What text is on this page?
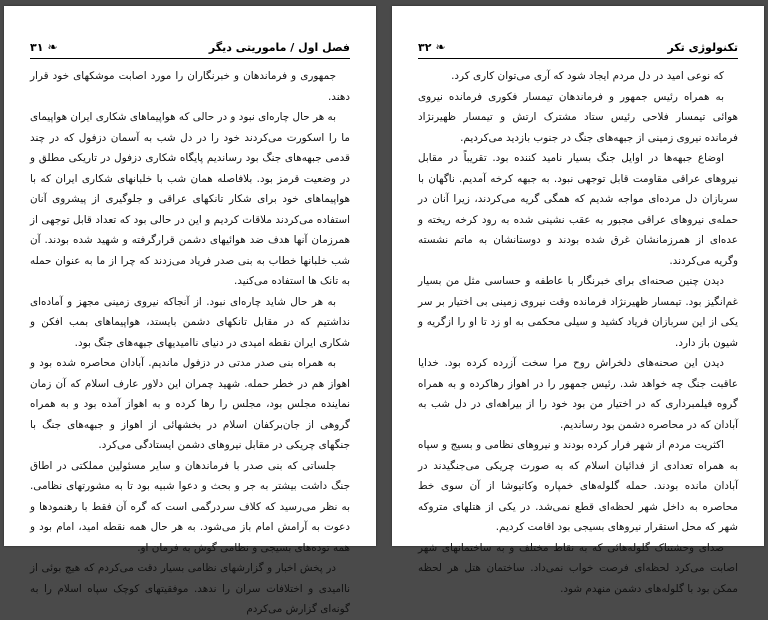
فصل اول / ماموریتی دیگر
❧
۳۱

جمهوری و فرماندهان و خبرنگاران را مورد اصابت موشکهای خود قرار دهند.

به هر حال چاره‌ای نبود و در حالی که هواپیماهای شکاری ایران هواپیمای ما را اسکورت می‌کردند خود را در دل شب به آسمان دزفول که در چند قدمی جبهه‌های جنگ بود رساندیم پایگاه شکاری دزفول در تاریکی مطلق و در وضعیت قرمز بود. بلافاصله همان شب با خلبانهای شکاری ایران که با هواپیماهای خود برای شکار تانکهای عراقی و جلوگیری از پیشروی آنان استفاده می‌کردند ملاقات کردیم و این در حالی بود که تعداد قابل توجهی از همرزمان آنها هدف ضد هوائیهای دشمن قرارگرفته و شهید شده بودند. آن شب خلبانها خطاب به بنی صدر فریاد می‌زدند که چرا از ما به عنوان حمله به تانک ها استفاده می‌کنید.

به هر حال شاید چاره‌ای نبود. از آنجاکه نیروی زمینی مجهز و آماده‌ای نداشتیم که در مقابل تانکهای دشمن بایستد، هواپیماهای بمب افکن و شکاری ایران نقطه امیدی در دنیای ناامیدیهای جبهه‌های جنگ بود.

به همراه بنی صدر مدتی در دزفول ماندیم. آبادان محاصره شده بود و اهواز هم در خطر حمله. شهید چمران این دلاور عارف اسلام که آن زمان نماینده مجلس بود، مجلس را رها کرده و به اهواز آمده بود و به همراه گروهی از جان‌برکفان اسلام در بخشهائی از اهواز و جبهه‌های جنگ با جنگهای چریکی در مقابل نیروهای دشمن ایستادگی می‌کرد.

جلساتی که بنی صدر با فرماندهان و سایر مسئولین مملکتی در اطاق جنگ داشت بیشتر به جر و بحث و دعوا شبیه بود تا به مشورتهای نظامی. به نظر می‌رسید که کلاف سردرگمی است که گره آن فقط با رهنمودها و دعوت به آرامش امام باز می‌شود. به هر حال همه نقطه امید، امام بود و همه توده‌های بسیجی و نظامی گوش به فرمان او.

در پخش اخبار و گزارشهای نظامی بسیار دقت می‌کردم که هیچ بوئی از ناامیدی و اختلافات سران را ندهد. موفقیتهای کوچک سپاه اسلام را به گونه‌ای گزارش می‌کردم

تکنولوژی تکر
❧
۳۲

که نوعی امید در دل مردم ایجاد شود که آری می‌توان کاری کرد.

به همراه رئیس جمهور و فرماندهان تیمسار فکوری فرمانده نیروی هوائی تیمسار فلاحی رئیس ستاد مشترک ارتش و تیمسار ظهیرنژاد فرمانده نیروی زمینی از جبهه‌های جنگ در جنوب بازدید می‌کردیم.

اوضاع جبهه‌ها در اوایل جنگ بسیار نامید کننده بود. تقریباً در مقابل نیروهای عراقی مقاومت قابل توجهی نبود. به جبهه کرخه آمدیم. ناگهان با سربازان دل مرده‌ای مواجه شدیم که همگی گریه می‌کردند، زیرا آنان در حمله‌ی نیروهای عراقی مجبور به عقب نشینی شده به رود کرخه ریخته و عده‌ای از همرزمانشان غرق شده بودند و دوستانشان به ماتم نشسته وگریه می‌کردند.

دیدن چنین صحنه‌ای برای خبرنگار با عاطفه و حساسی مثل من بسیار غم‌انگیز بود. تیمسار ظهیرنژاد فرمانده وقت نیروی زمینی بی اختیار بر سر یکی از این سربازان فریاد کشید و سیلی محکمی به او زد تا او را ازگریه و شیون باز دارد.

دیدن این صحنه‌های دلخراش روح مرا سخت آزرده کرده بود. خدایا عاقبت جنگ چه خواهد شد. رئیس جمهور را در اهواز رهاکرده و به همراه گروه فیلمبرداری که در اختیار من بود خود را از بیراهه‌ای در دل شب به آبادان که در محاصره دشمن بود رساندیم.

اکثریت مردم از شهر فرار کرده بودند و نیروهای نظامی و بسیج و سپاه به همراه تعدادی از فدائیان اسلام که به صورت چریکی می‌جنگیدند در آبادان مانده بودند. حمله گلوله‌های خمپاره وکاتیوشا از آن سوی خط محاصره به داخل شهر لحظه‌ای قطع نمی‌شد. در یکی از هتلهای متروکه شهر که محل استقرار نیروهای بسیجی بود اقامت کردیم.

صدای وحشتناک گلوله‌هائی که به نقاط مختلف و به ساختمانهای شهر اصابت می‌کرد لحظه‌ای فرصت خواب نمی‌داد. ساختمان هتل هر لحظه ممکن بود با گلوله‌های دشمن منهدم شود.
